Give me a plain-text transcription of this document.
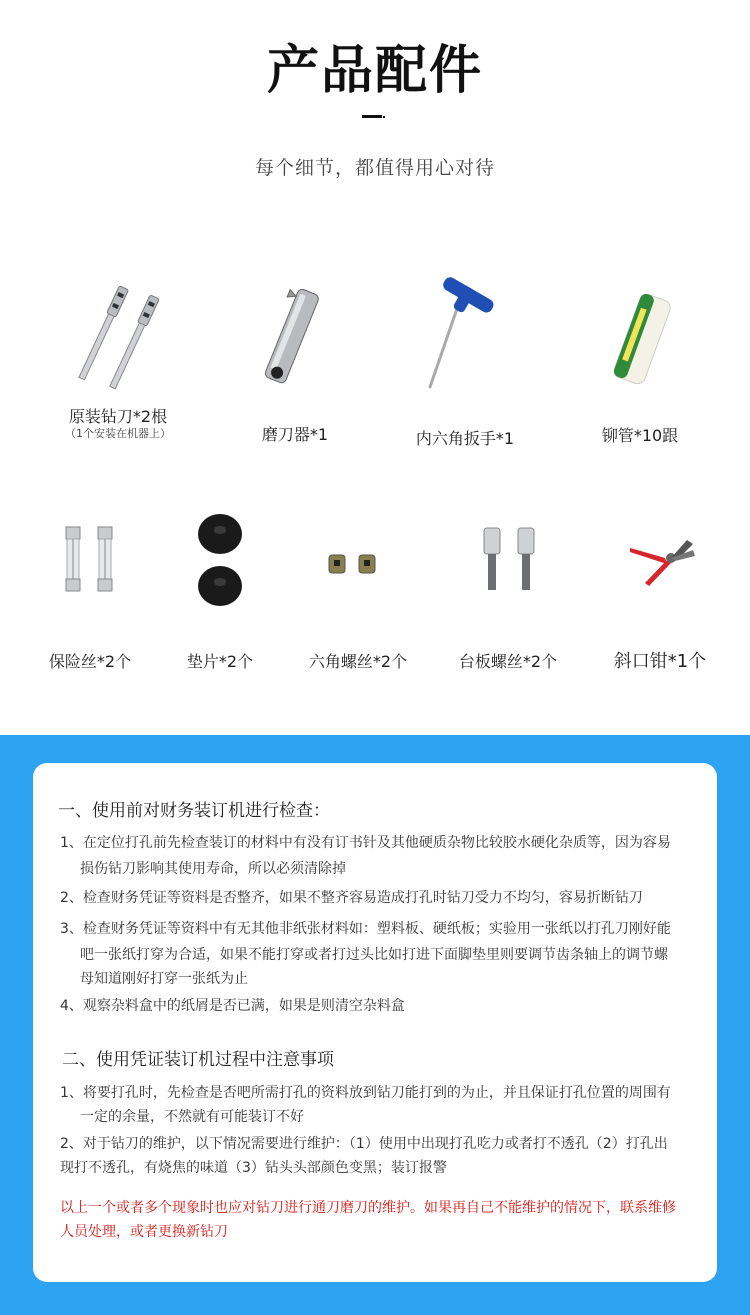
产品配件
每个细节，都值得用心对待
原装钻刀*2根
（1个安装在机器上）	磨刀器*1	内六角扳手*1	铆管*10跟
保险丝*2个	垫片*2个	六角螺丝*2个	台板螺丝*2个	斜口钳*1个
一、使用前对财务装订机进行检查：
1、在定位打孔前先检查装订的材料中有没有订书针及其他硬质杂物比较胶水硬化杂质等，因为容易
损伤钻刀影响其使用寿命，所以必须清除掉
2、检查财务凭证等资料是否整齐，如果不整齐容易造成打孔时钻刀受力不均匀，容易折断钻刀
3、检查财务凭证等资料中有无其他非纸张材料如：塑料板、硬纸板；实验用一张纸以打孔刀刚好能
吧一张纸打穿为合适，如果不能打穿或者打过头比如打进下面脚垫里则要调节齿条轴上的调节螺
母知道刚好打穿一张纸为止
4、观察杂料盒中的纸屑是否已满，如果是则清空杂料盒
二、使用凭证装订机过程中注意事项
1、将要打孔时，先检查是否吧所需打孔的资料放到钻刀能打到的为止，并且保证打孔位置的周围有
一定的余量，不然就有可能装订不好
2、对于钻刀的维护，以下情况需要进行维护：（1）使用中出现打孔吃力或者打不透孔（2）打孔出
现打不透孔，有烧焦的味道（3）钻头头部颜色变黑；装订报警
以上一个或者多个现象时也应对钻刀进行通刀磨刀的维护。如果再自己不能维护的情况下，联系维修
人员处理，或者更换新钻刀
